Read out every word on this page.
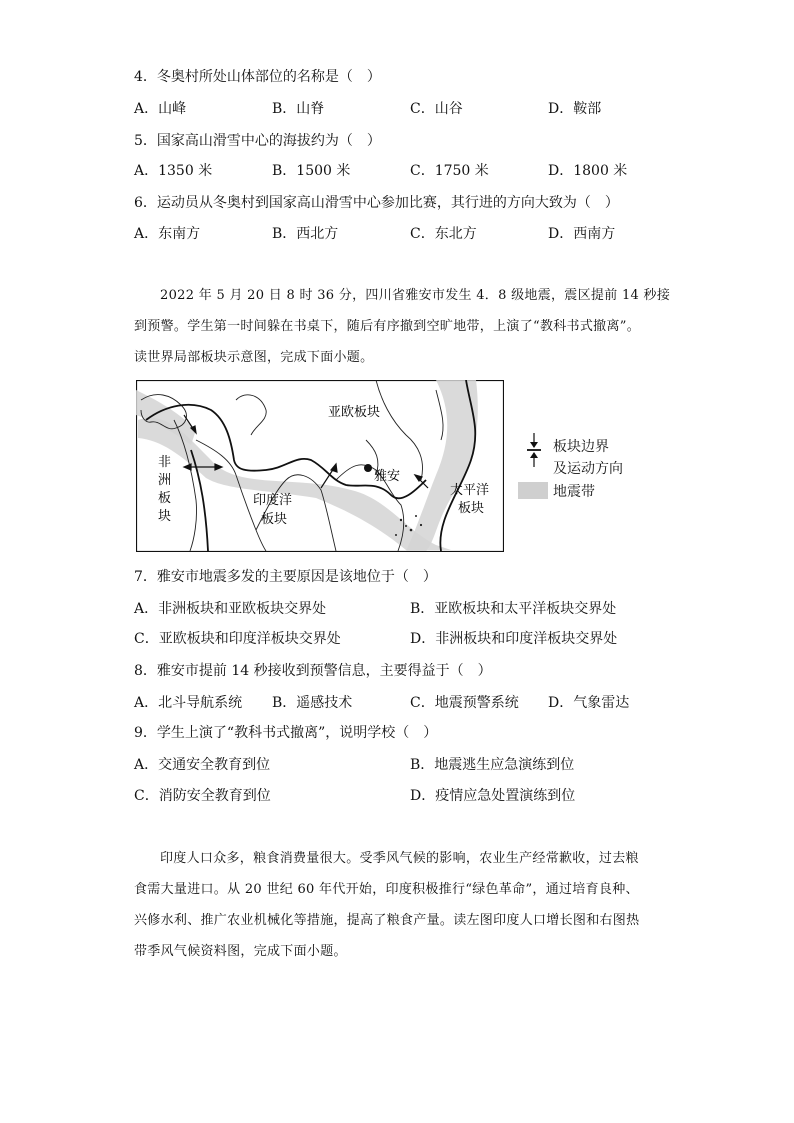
4．冬奥村所处山体部位的名称是（　）
A．山峰	B．山脊	C．山谷	D．鞍部
5．国家高山滑雪中心的海拔约为（　）
A．1350 米	B．1500 米	C．1750 米	D．1800 米
6．运动员从冬奥村到国家高山滑雪中心参加比赛，其行进的方向大致为（　）
A．东南方	B．西北方	C．东北方	D．西南方

2022 年 5 月 20 日 8 时 36 分，四川省雅安市发生 4．8 级地震，震区提前 14 秒接

到预警。学生第一时间躲在书桌下，随后有序撤到空旷地带，上演了“教科书式撤离”。

读世界局部板块示意图，完成下面小题。

亚欧板块
非
洲
板
块
印度洋
板块
雅安
太平洋
板块
板块边界
及运动方向
地震带
7．雅安市地震多发的主要原因是该地位于（　）
A．非洲板块和亚欧板块交界处	B．亚欧板块和太平洋板块交界处
C．亚欧板块和印度洋板块交界处	D．非洲板块和印度洋板块交界处
8．雅安市提前 14 秒接收到预警信息，主要得益于（　）
A．北斗导航系统 B．遥感技术	C．地震预警系统 D．气象雷达
9．学生上演了“教科书式撤离”，说明学校（　）
A．交通安全教育到位	B．地震逃生应急演练到位
C．消防安全教育到位	D．疫情应急处置演练到位

印度人口众多，粮食消费量很大。受季风气候的影响，农业生产经常歉收，过去粮

食需大量进口。从 20 世纪 60 年代开始，印度积极推行“绿色革命”，通过培育良种、

兴修水利、推广农业机械化等措施，提高了粮食产量。读左图印度人口增长图和右图热

带季风气候资料图，完成下面小题。
